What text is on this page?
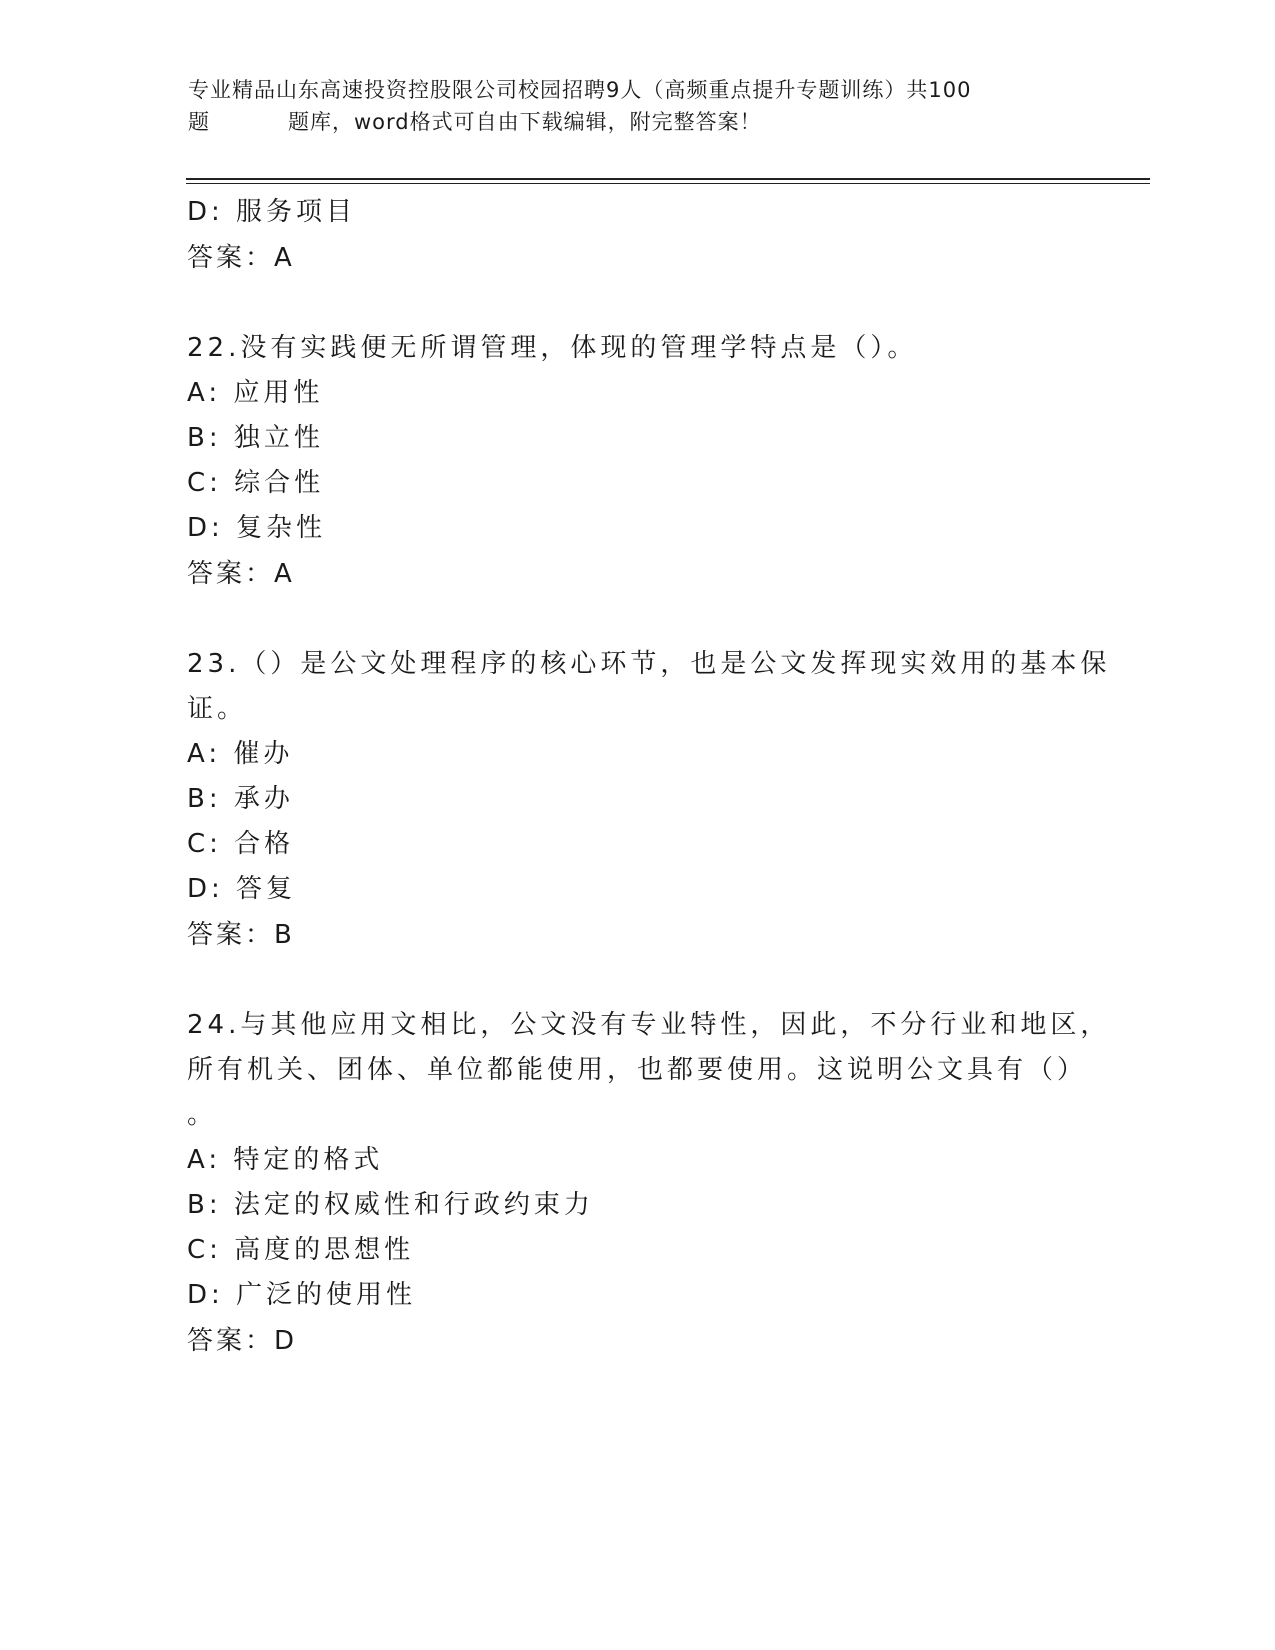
专业精品山东高速投资控股限公司校园招聘9人（高频重点提升专题训练）共100

题	题库，word格式可自由下载编辑，附完整答案！
D: 服务项目
答案：A
22.没有实践便无所谓管理，体现的管理学特点是（）。
A: 应用性
B: 独立性
C: 综合性
D: 复杂性
答案：A
23.（）是公文处理程序的核心环节，也是公文发挥现实效用的基本保
证。
A: 催办
B: 承办
C: 合格
D: 答复
答案：B
24.与其他应用文相比，公文没有专业特性，因此，不分行业和地区，
所有机关、团体、单位都能使用，也都要使用。这说明公文具有（）
。
A: 特定的格式
B: 法定的权威性和行政约束力
C: 高度的思想性
D: 广泛的使用性
答案：D
